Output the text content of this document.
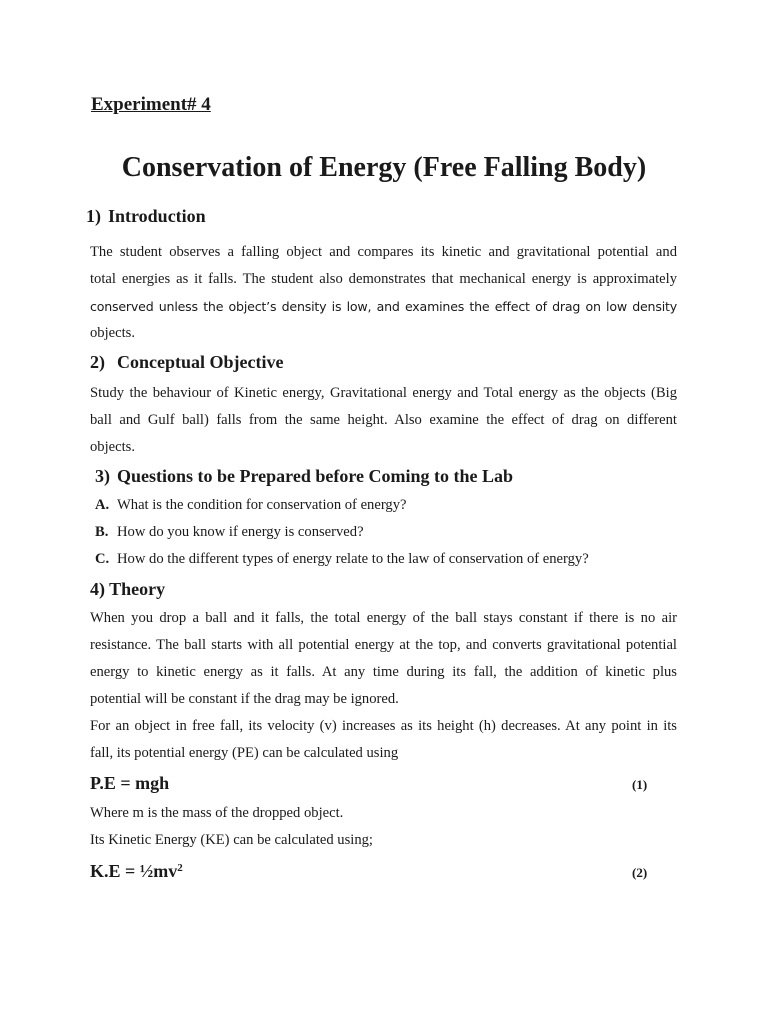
Experiment# 4
Conservation of Energy (Free Falling Body)
1) Introduction
The student observes a falling object and compares its kinetic and gravitational potential and
total energies as it falls. The student also demonstrates that mechanical energy is approximately
conserved unless the object’s density is low, and examines the effect of drag on low density
objects.
2) Conceptual Objective
Study the behaviour of Kinetic energy, Gravitational energy and Total energy as the objects (Big
ball and Gulf ball) falls from the same height. Also examine the effect of drag on different
objects.
3) Questions to be Prepared before Coming to the Lab
A. What is the condition for conservation of energy?
B. How do you know if energy is conserved?
C. How do the different types of energy relate to the law of conservation of energy?
4) Theory
When you drop a ball and it falls, the total energy of the ball stays constant if there is no air
resistance. The ball starts with all potential energy at the top, and converts gravitational potential
energy to kinetic energy as it falls. At any time during its fall, the addition of kinetic plus
potential will be constant if the drag may be ignored.
For an object in free fall, its velocity (v) increases as its height (h) decreases. At any point in its
fall, its potential energy (PE) can be calculated using
P.E = mgh	(1)
Where m is the mass of the dropped object.
Its Kinetic Energy (KE) can be calculated using;
$K.E = \frac{1}{2}mv^2$	(2)
